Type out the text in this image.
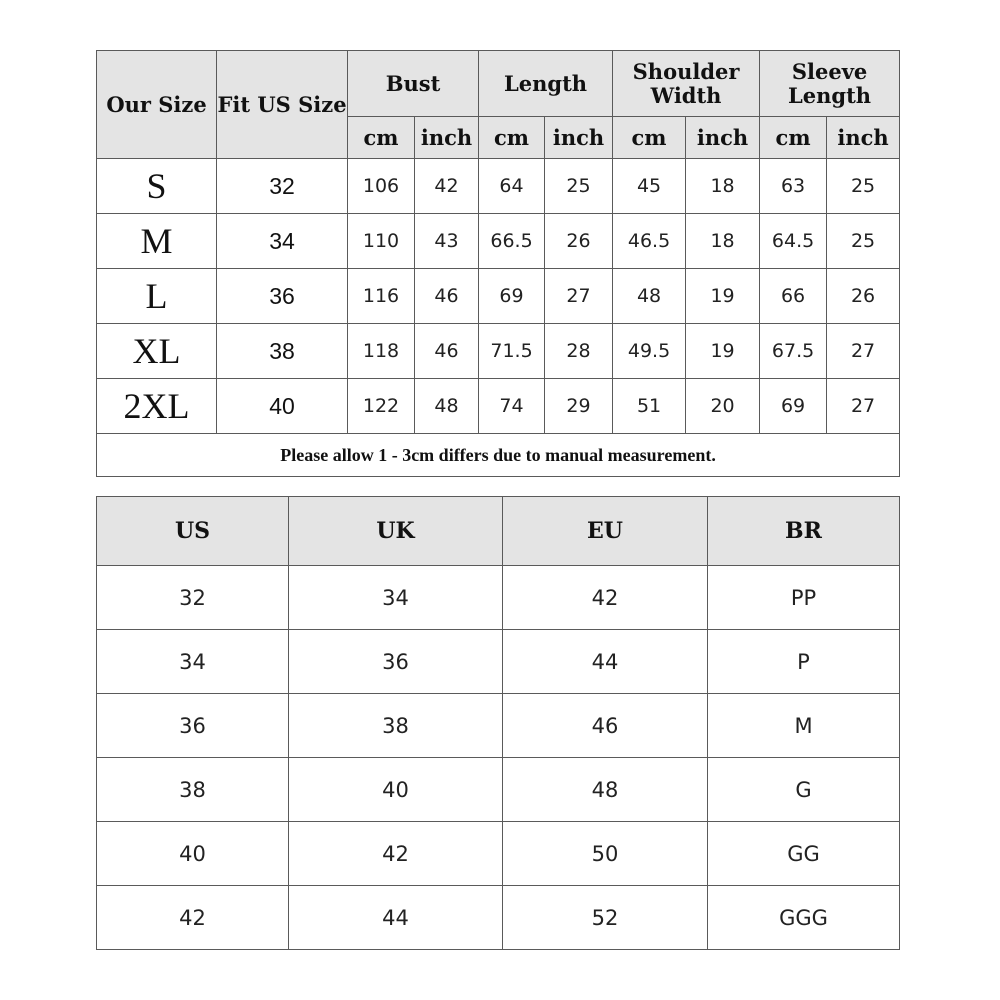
Our Size	Fit US Size	Bust		Length		Shoulder Width		Sleeve Length	
		cm	inch	cm	inch	cm	inch	cm	inch
S	32	106	42	64	25	45	18	63	25
M	34	110	43	66.5	26	46.5	18	64.5	25
L	36	116	46	69	27	48	19	66	26
XL	38	118	46	71.5	28	49.5	19	67.5	27
2XL	40	122	48	74	29	51	20	69	27
Please allow 1 - 3cm differs due to manual measurement.									
US	UK	EU	BR
32	34	42	PP
34	36	44	P
36	38	46	M
38	40	48	G
40	42	50	GG
42	44	52	GGG
